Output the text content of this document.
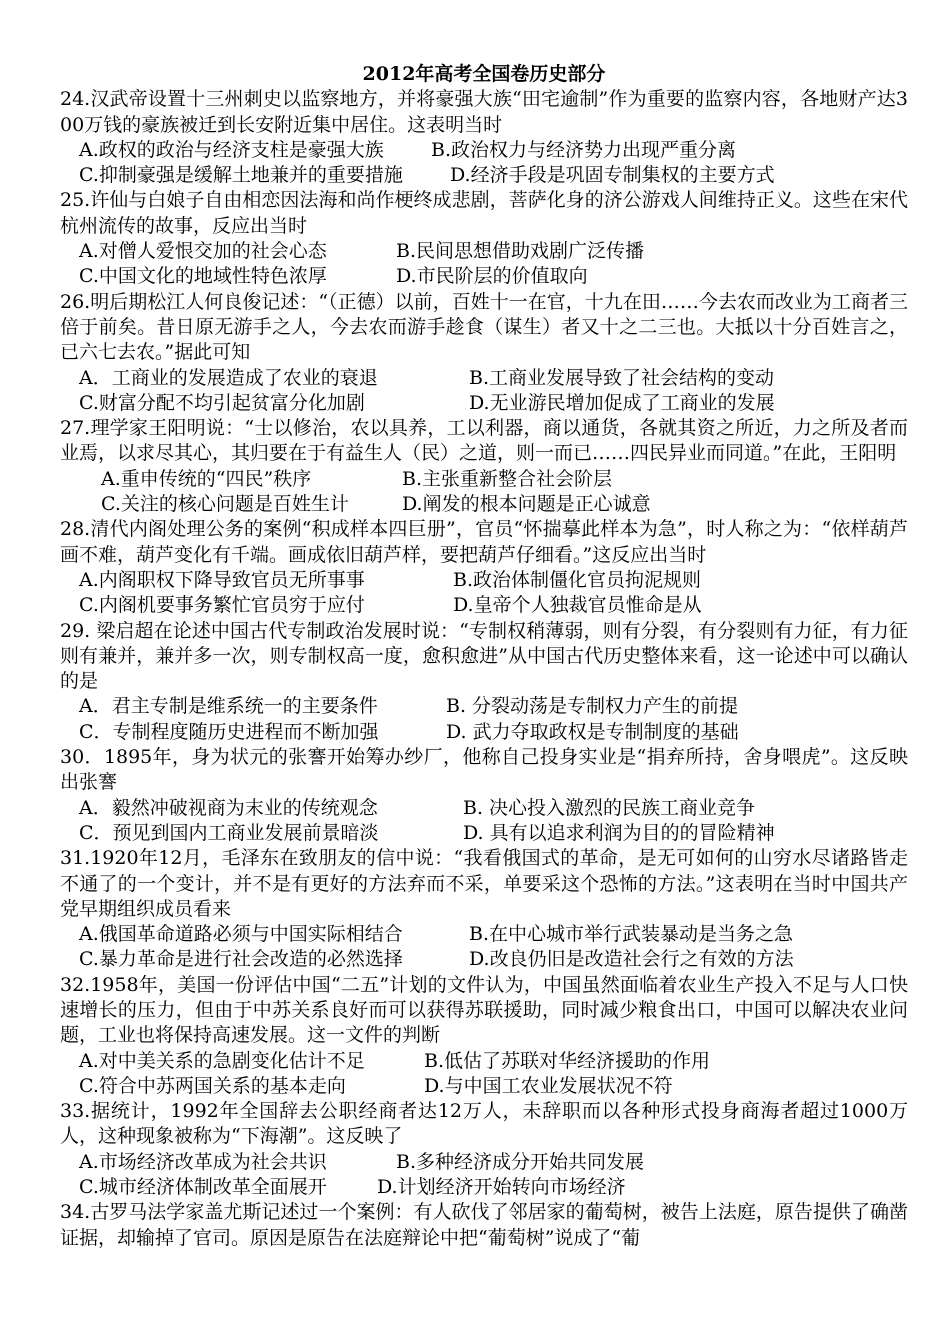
2012年高考全国卷历史部分
24.汉武帝设置十三州刺史以监察地方，并将豪强大族“田宅逾制”作为重要的监察内容，各地财产达300万钱的豪族被迁到长安附近集中居住。这表明当时
A.政权的政治与经济支柱是豪强大族	B.政治权力与经济势力出现严重分离
C.抑制豪强是缓解土地兼并的重要措施	D.经济手段是巩固专制集权的主要方式
25.许仙与白娘子自由相恋因法海和尚作梗终成悲剧，菩萨化身的济公游戏人间维持正义。这些在宋代杭州流传的故事，反应出当时
A.对僧人爱恨交加的社会心态	B.民间思想借助戏剧广泛传播
C.中国文化的地域性特色浓厚	D.市民阶层的价值取向
26.明后期松江人何良俊记述：“（正德）以前，百姓十一在官，十九在田……今去农而改业为工商者三倍于前矣。昔日原无游手之人，今去农而游手趁食（谋生）者又十之二三也。大抵以十分百姓言之，已六七去农。”据此可知
A．工商业的发展造成了农业的衰退	B.工商业发展导致了社会结构的变动
C.财富分配不均引起贫富分化加剧	D.无业游民增加促成了工商业的发展
27.理学家王阳明说：“士以修治，农以具养，工以利器，商以通货，各就其资之所近，力之所及者而业焉，以求尽其心，其归要在于有益生人（民）之道，则一而已……四民异业而同道。”在此，王阳明
A.重申传统的“四民”秩序	B.主张重新整合社会阶层
C.关注的核心问题是百姓生计	D.阐发的根本问题是正心诚意
28.清代内阁处理公务的案例“积成样本四巨册”，官员“怀揣摹此样本为急”，时人称之为：“依样葫芦画不难，葫芦变化有千端。画成依旧葫芦样，要把葫芦仔细看。”这反应出当时
A.内阁职权下降导致官员无所事事	B.政治体制僵化官员拘泥规则
C.内阁机要事务繁忙官员穷于应付	D.皇帝个人独裁官员惟命是从
29. 梁启超在论述中国古代专制政治发展时说：“专制权稍薄弱，则有分裂，有分裂则有力征，有力征则有兼并，兼并多一次，则专制权高一度，愈积愈进”从中国古代历史整体来看，这一论述中可以确认的是
A．君主专制是维系统一的主要条件	B. 分裂动荡是专制权力产生的前提
C．专制程度随历史进程而不断加强	D. 武力夺取政权是专制制度的基础
30．1895年，身为状元的张謇开始筹办纱厂，他称自己投身实业是“捐弃所持，舍身喂虎”。这反映出张謇
A．毅然冲破视商为末业的传统观念	B. 决心投入激烈的民族工商业竞争
C．预见到国内工商业发展前景暗淡	D. 具有以追求利润为目的的冒险精神
31.1920年12月，毛泽东在致朋友的信中说：“我看俄国式的革命，是无可如何的山穷水尽诸路皆走不通了的一个变计，并不是有更好的方法弃而不采，单要采这个恐怖的方法。”这表明在当时中国共产党早期组织成员看来
A.俄国革命道路必须与中国实际相结合	B.在中心城市举行武装暴动是当务之急
C.暴力革命是进行社会改造的必然选择	D.改良仍旧是改造社会行之有效的方法
32.1958年，美国一份评估中国“二五”计划的文件认为，中国虽然面临着农业生产投入不足与人口快速增长的压力，但由于中苏关系良好而可以获得苏联援助，同时减少粮食出口，中国可以解决农业问题，工业也将保持高速发展。这一文件的判断
A.对中美关系的急剧变化估计不足	B.低估了苏联对华经济援助的作用
C.符合中苏两国关系的基本走向	D.与中国工农业发展状况不符
33.据统计，1992年全国辞去公职经商者达12万人，未辞职而以各种形式投身商海者超过1000万人，这种现象被称为“下海潮”。这反映了
A.市场经济改革成为社会共识	B.多种经济成分开始共同发展
C.城市经济体制改革全面展开	D.计划经济开始转向市场经济
34.古罗马法学家盖尤斯记述过一个案例：有人砍伐了邻居家的葡萄树，被告上法庭，原告提供了确凿证据，却输掉了官司。原因是原告在法庭辩论中把“葡萄树”说成了“葡
